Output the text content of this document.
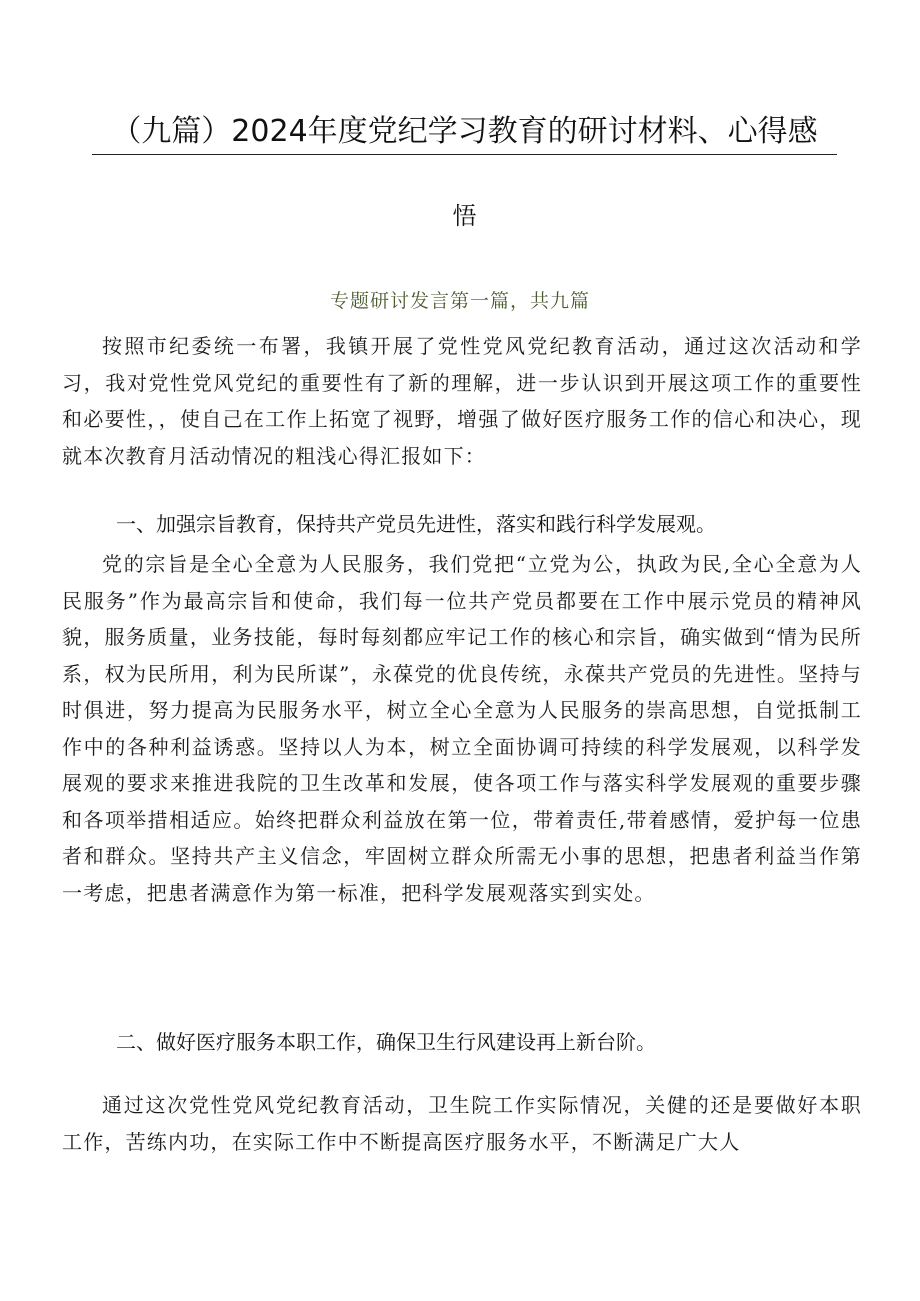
（九篇）2024年度党纪学习教育的研讨材料、心得感
悟

专题研讨发言第一篇，共九篇

按照市纪委统一布署，我镇开展了党性党风党纪教育活动，通过这次活动和学习，我对党性党风党纪的重要性有了新的理解，进一步认识到开展这项工作的重要性和必要性，，使自己在工作上拓宽了视野，增强了做好医疗服务工作的信心和决心，现就本次教育月活动情况的粗浅心得汇报如下：

一、加强宗旨教育，保持共产党员先进性，落实和践行科学发展观。

党的宗旨是全心全意为人民服务，我们党把“立党为公，执政为民,全心全意为人民服务”作为最高宗旨和使命，我们每一位共产党员都要在工作中展示党员的精神风貌，服务质量，业务技能，每时每刻都应牢记工作的核心和宗旨，确实做到“情为民所系，权为民所用，利为民所谋”，永葆党的优良传统，永葆共产党员的先进性。坚持与时俱进，努力提高为民服务水平，树立全心全意为人民服务的崇高思想，自觉抵制工作中的各种利益诱惑。坚持以人为本，树立全面协调可持续的科学发展观，以科学发展观的要求来推进我院的卫生改革和发展，使各项工作与落实科学发展观的重要步骤和各项举措相适应。始终把群众利益放在第一位，带着责任,带着感情，爱护每一位患者和群众。坚持共产主义信念，牢固树立群众所需无小事的思想，把患者利益当作第一考虑，把患者满意作为第一标准，把科学发展观落实到实处。

二、做好医疗服务本职工作，确保卫生行风建设再上新台阶。

通过这次党性党风党纪教育活动，卫生院工作实际情况，关健的还是要做好本职工作，苦练内功，在实际工作中不断提高医疗服务水平，不断满足广大人
